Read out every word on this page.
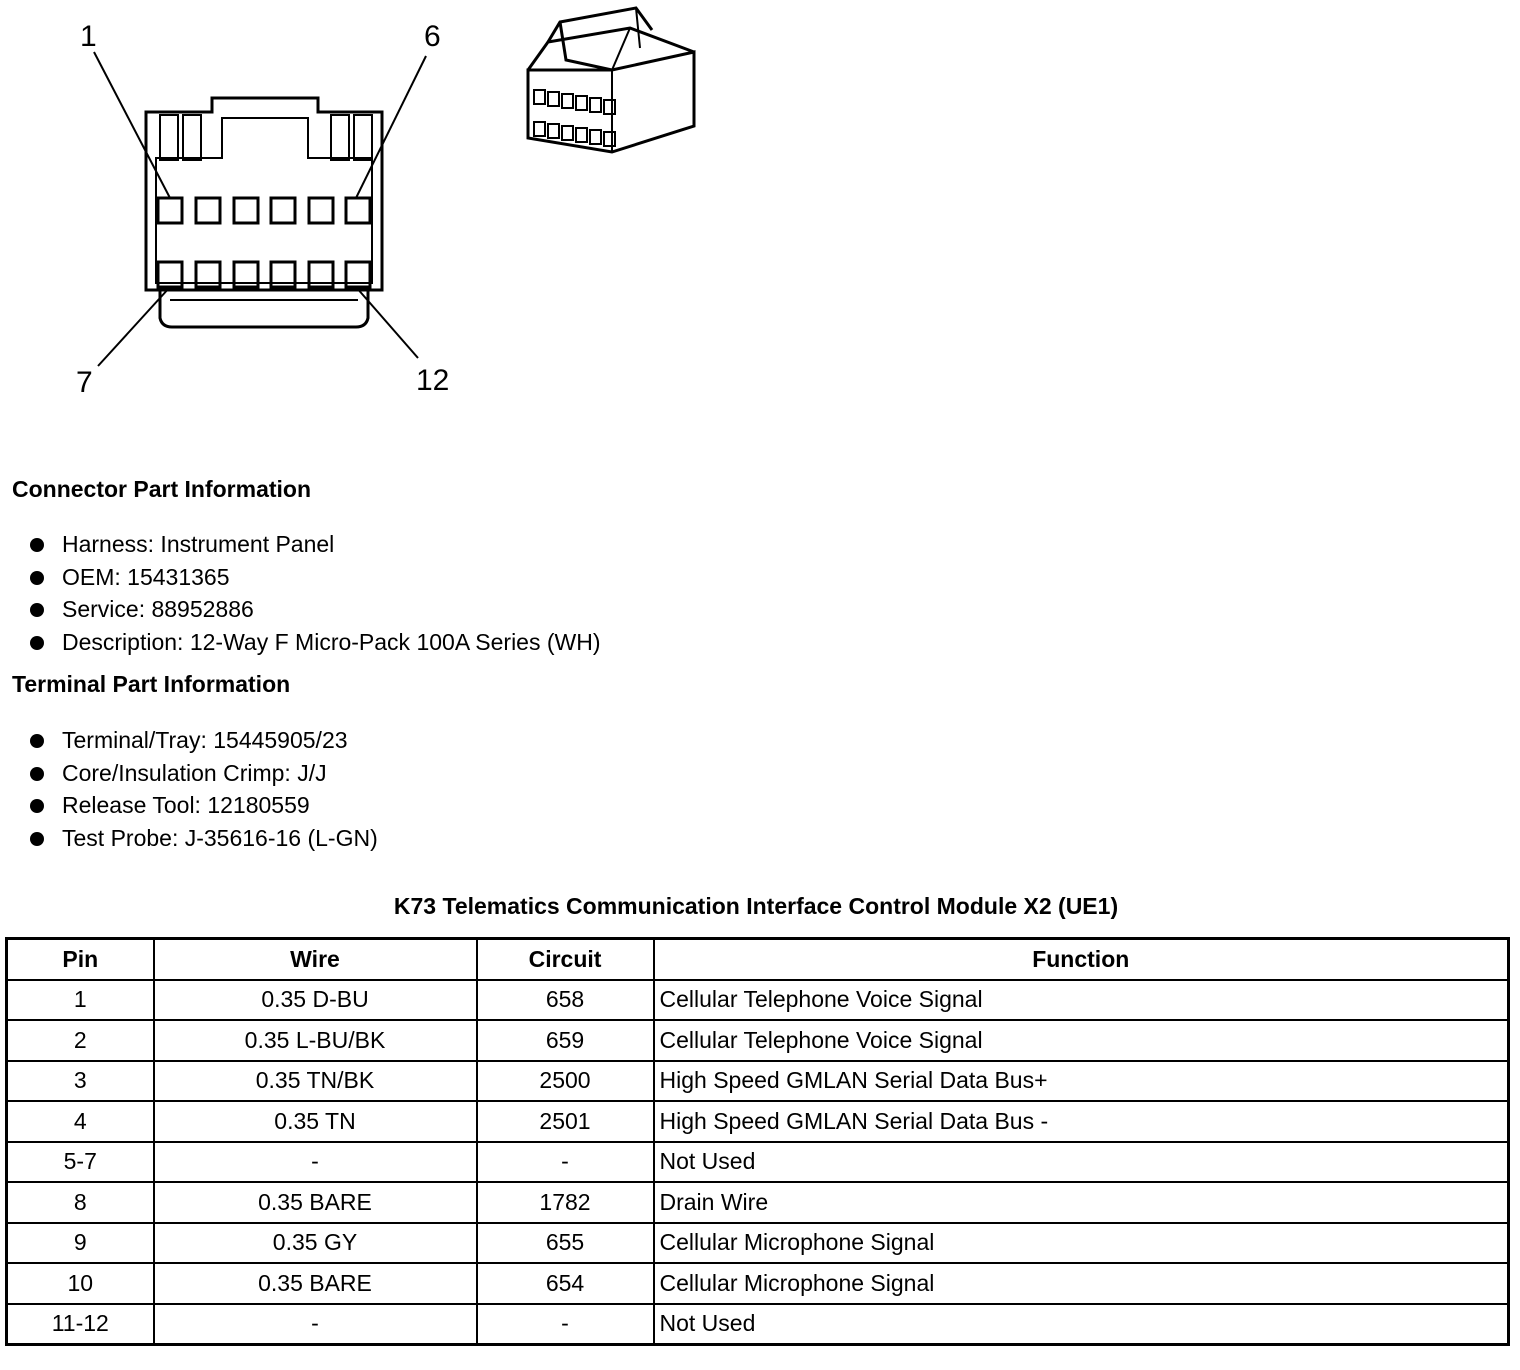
1	6
7	12
Connector Part Information
Harness: Instrument Panel
OEM: 15431365
Service: 88952886
Description: 12-Way F Micro-Pack 100A Series (WH)
Terminal Part Information
Terminal/Tray: 15445905/23
Core/Insulation Crimp: J/J
Release Tool: 12180559
Test Probe: J-35616-16 (L-GN)
K73 Telematics Communication Interface Control Module X2 (UE1)
Pin	Wire	Circuit	Function
1	0.35 D-BU	658	Cellular Telephone Voice Signal
2	0.35 L-BU/BK	659	Cellular Telephone Voice Signal
3	0.35 TN/BK	2500	High Speed GMLAN Serial Data Bus+
4	0.35 TN	2501	High Speed GMLAN Serial Data Bus -
5-7	-	-	Not Used
8	0.35 BARE	1782	Drain Wire
9	0.35 GY	655	Cellular Microphone Signal
10	0.35 BARE	654	Cellular Microphone Signal
11-12	-	-	Not Used
